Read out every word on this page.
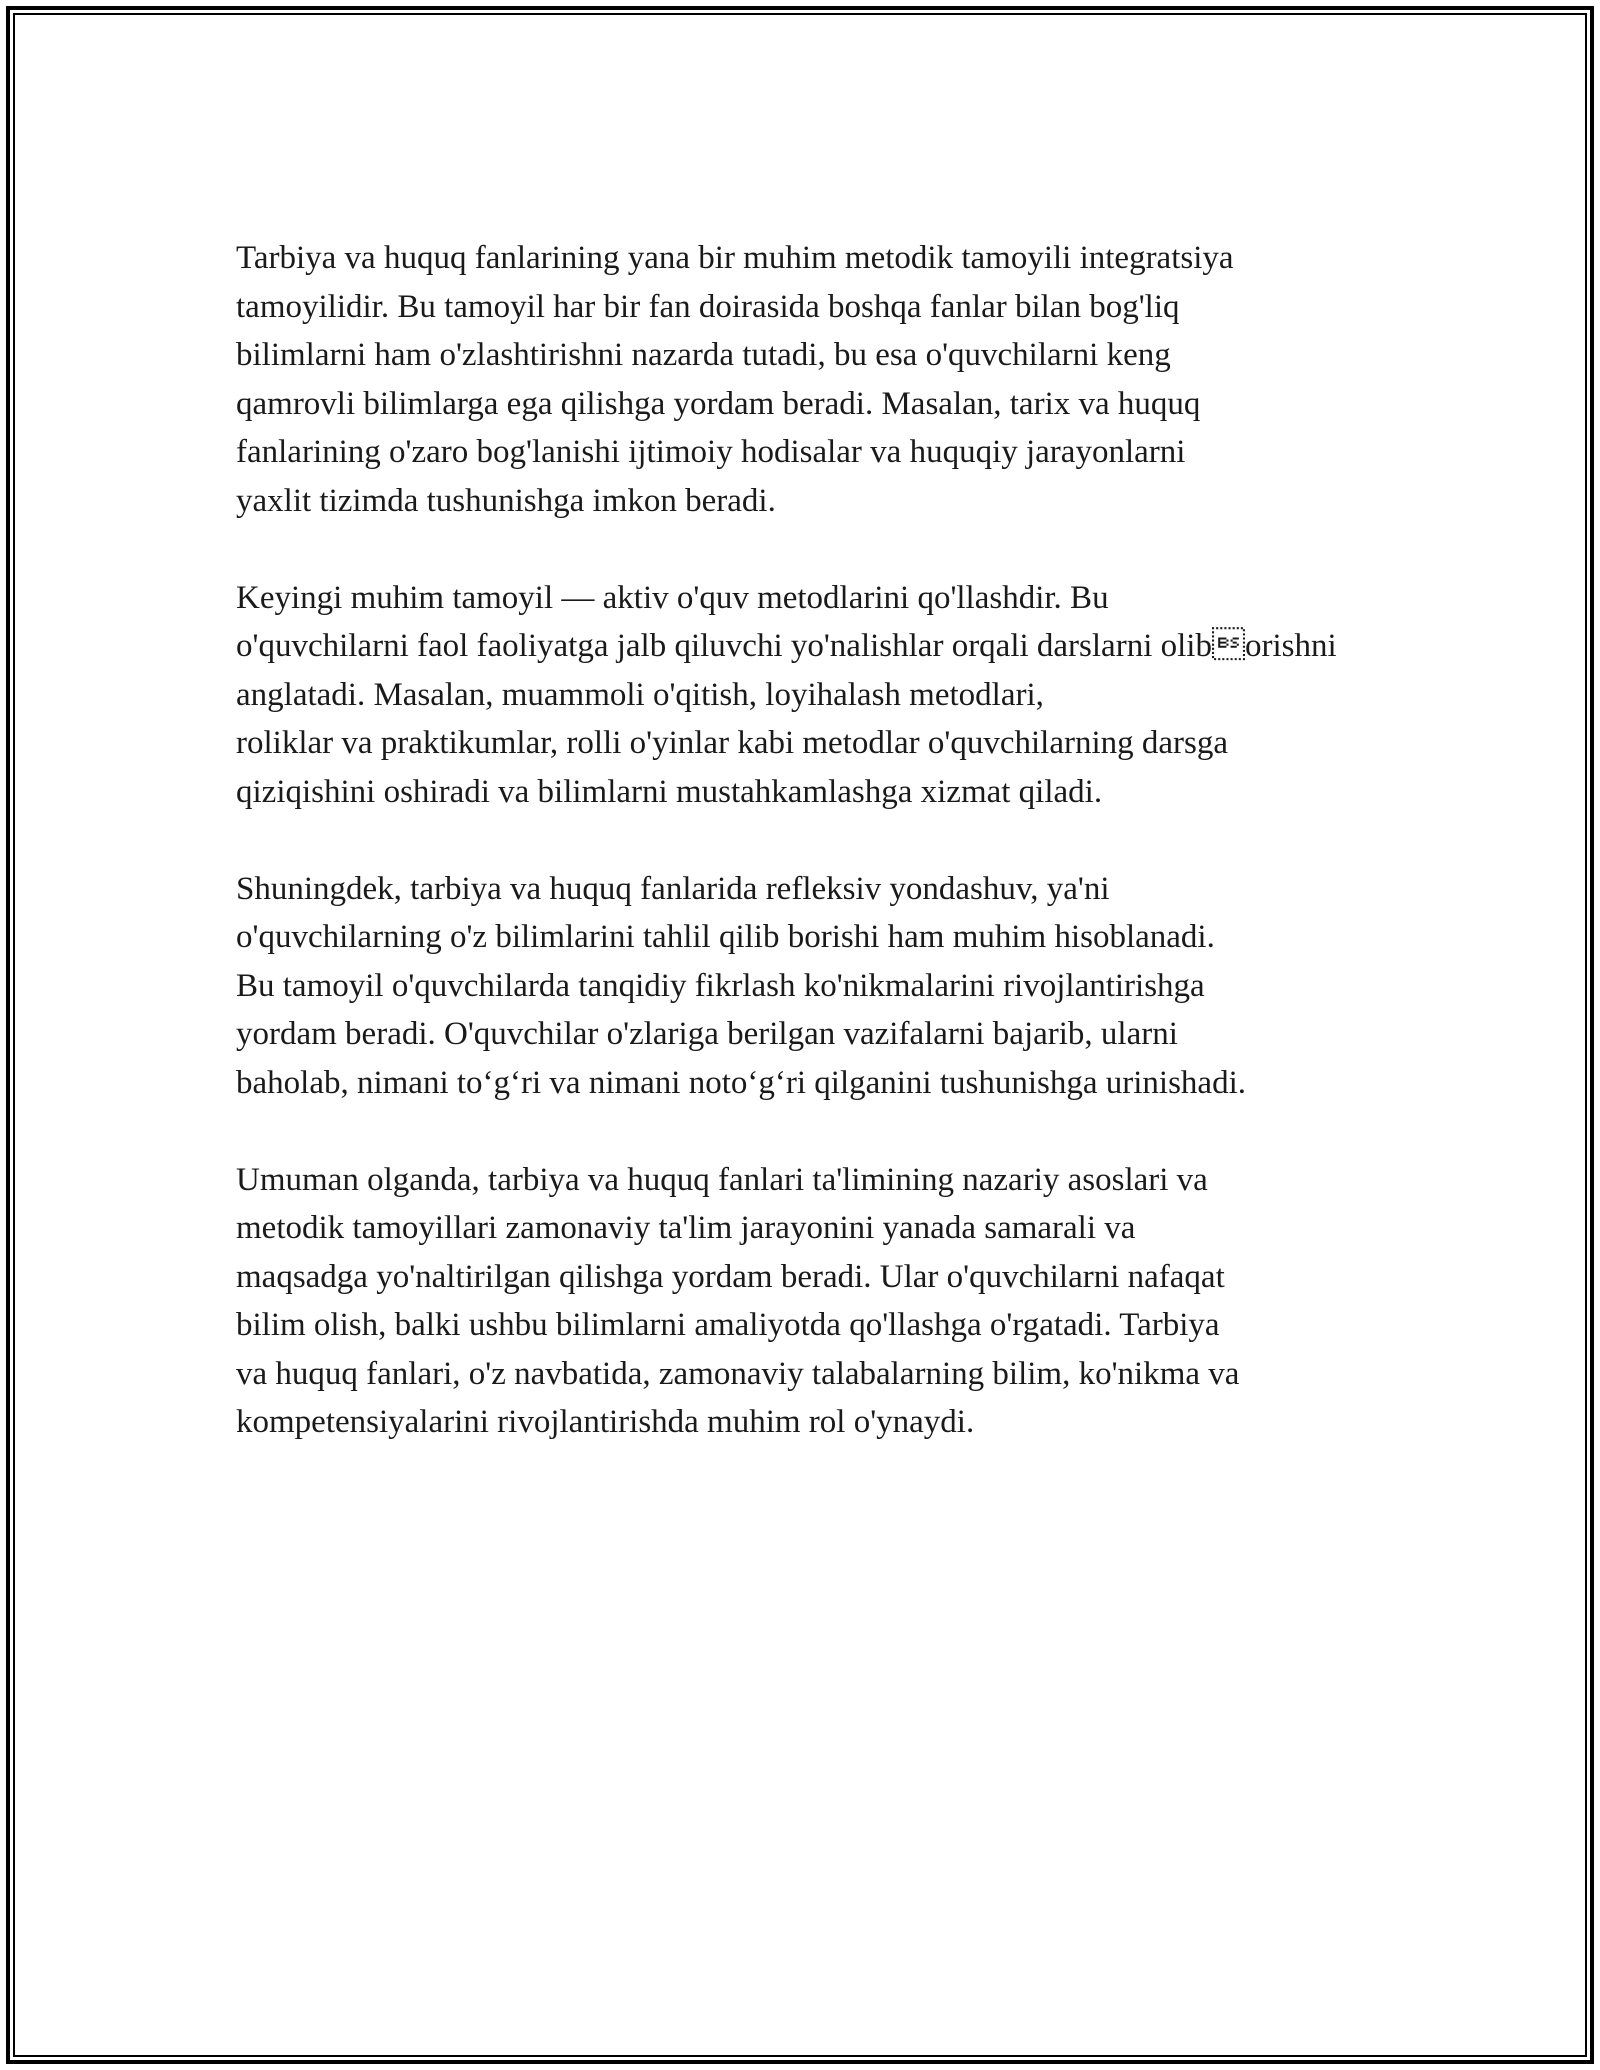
Tarbiya va huquq fanlarining yana bir muhim metodik tamoyili integratsiya
tamoyilidir. Bu tamoyil har bir fan doirasida boshqa fanlar bilan bog'liq
bilimlarni ham o'zlashtirishni nazarda tutadi, bu esa o'quvchilarni keng
qamrovli bilimlarga ega qilishga yordam beradi. Masalan, tarix va huquq
fanlarining o'zaro bog'lanishi ijtimoiy hodisalar va huquqiy jarayonlarni
yaxlit tizimda tushunishga imkon beradi.

Keyingi muhim tamoyil — aktiv o'quv metodlarini qo'llashdir. Bu
o'quvchilarni faol faoliyatga jalb qiluvchi yo'nalishlar orqali darslarni oliborishni anglatadi. Masalan, muammoli o'qitish, loyihalash metodlari,
roliklar va praktikumlar, rolli o'yinlar kabi metodlar o'quvchilarning darsga
qiziqishini oshiradi va bilimlarni mustahkamlashga xizmat qiladi.

Shuningdek, tarbiya va huquq fanlarida refleksiv yondashuv, ya'ni
o'quvchilarning o'z bilimlarini tahlil qilib borishi ham muhim hisoblanadi.
Bu tamoyil o'quvchilarda tanqidiy fikrlash ko'nikmalarini rivojlantirishga
yordam beradi. O'quvchilar o'zlariga berilgan vazifalarni bajarib, ularni
baholab, nimani to‘g‘ri va nimani noto‘g‘ri qilganini tushunishga urinishadi.

Umuman olganda, tarbiya va huquq fanlari ta'limining nazariy asoslari va
metodik tamoyillari zamonaviy ta'lim jarayonini yanada samarali va
maqsadga yo'naltirilgan qilishga yordam beradi. Ular o'quvchilarni nafaqat
bilim olish, balki ushbu bilimlarni amaliyotda qo'llashga o'rgatadi. Tarbiya
va huquq fanlari, o'z navbatida, zamonaviy talabalarning bilim, ko'nikma va
kompetensiyalarini rivojlantirishda muhim rol o'ynaydi.
